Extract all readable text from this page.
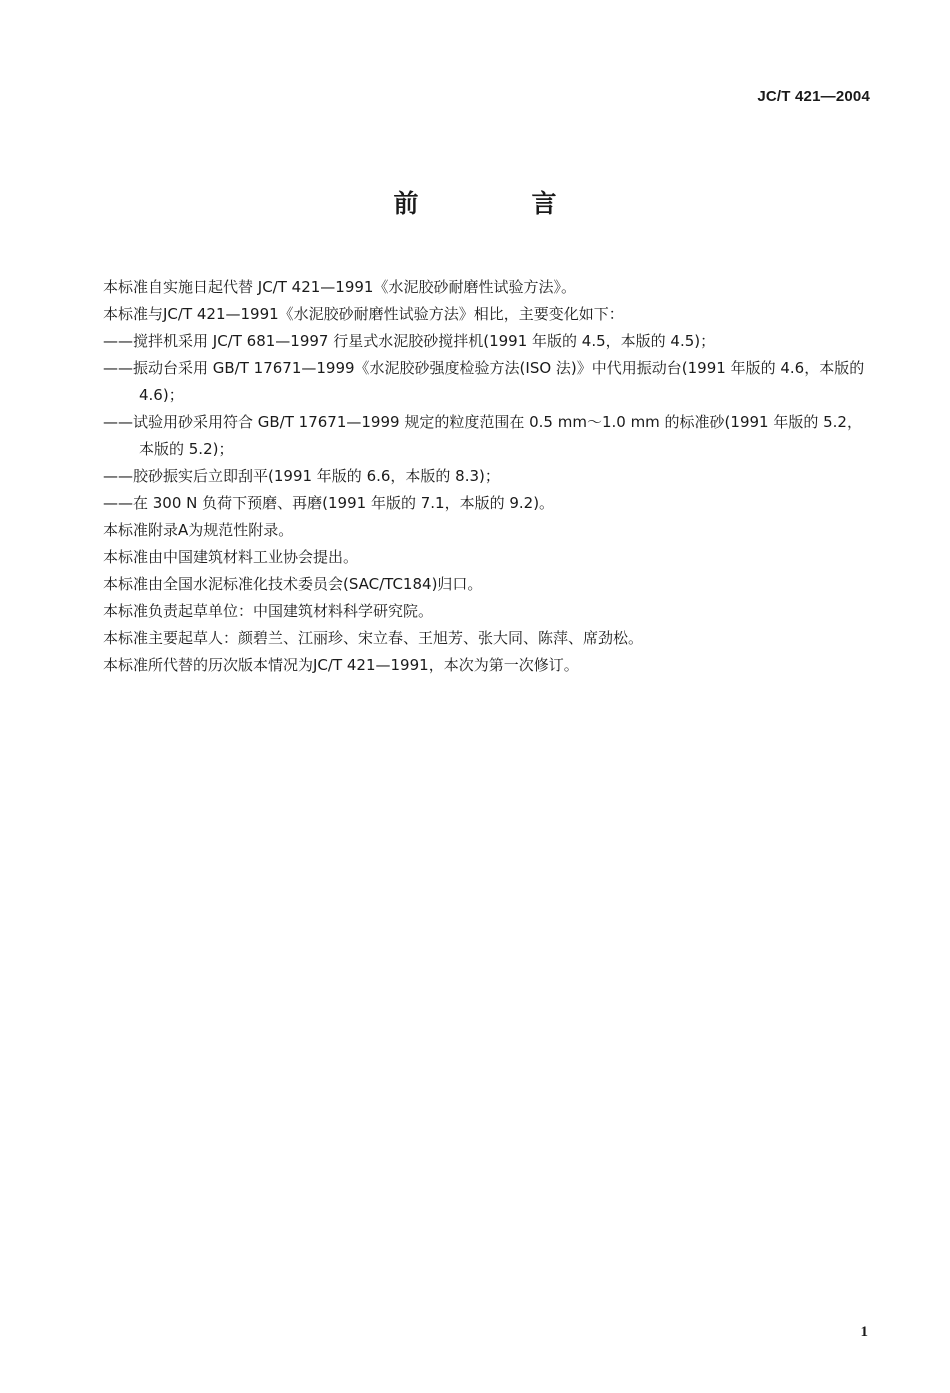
JC/T 421—2004
前　言
本标准自实施日起代替 JC/T 421—1991《水泥胶砂耐磨性试验方法》。
本标准与JC/T 421—1991《水泥胶砂耐磨性试验方法》相比，主要变化如下：
——搅拌机采用 JC/T 681—1997 行星式水泥胶砂搅拌机(1991 年版的 4.5，本版的 4.5)；
——振动台采用 GB/T 17671—1999《水泥胶砂强度检验方法(ISO 法)》中代用振动台(1991 年版的 4.6，本版的 4.6)；
——试验用砂采用符合 GB/T 17671—1999 规定的粒度范围在 0.5 mm～1.0 mm 的标准砂(1991 年版的 5.2，本版的 5.2)；
——胶砂振实后立即刮平(1991 年版的 6.6，本版的 8.3)；
——在 300 N 负荷下预磨、再磨(1991 年版的 7.1，本版的 9.2)。
本标准附录A为规范性附录。
本标准由中国建筑材料工业协会提出。
本标准由全国水泥标准化技术委员会(SAC/TC184)归口。
本标准负责起草单位：中国建筑材料科学研究院。
本标准主要起草人：颜碧兰、江丽珍、宋立春、王旭芳、张大同、陈萍、席劲松。
本标准所代替的历次版本情况为JC/T 421—1991，本次为第一次修订。
1
